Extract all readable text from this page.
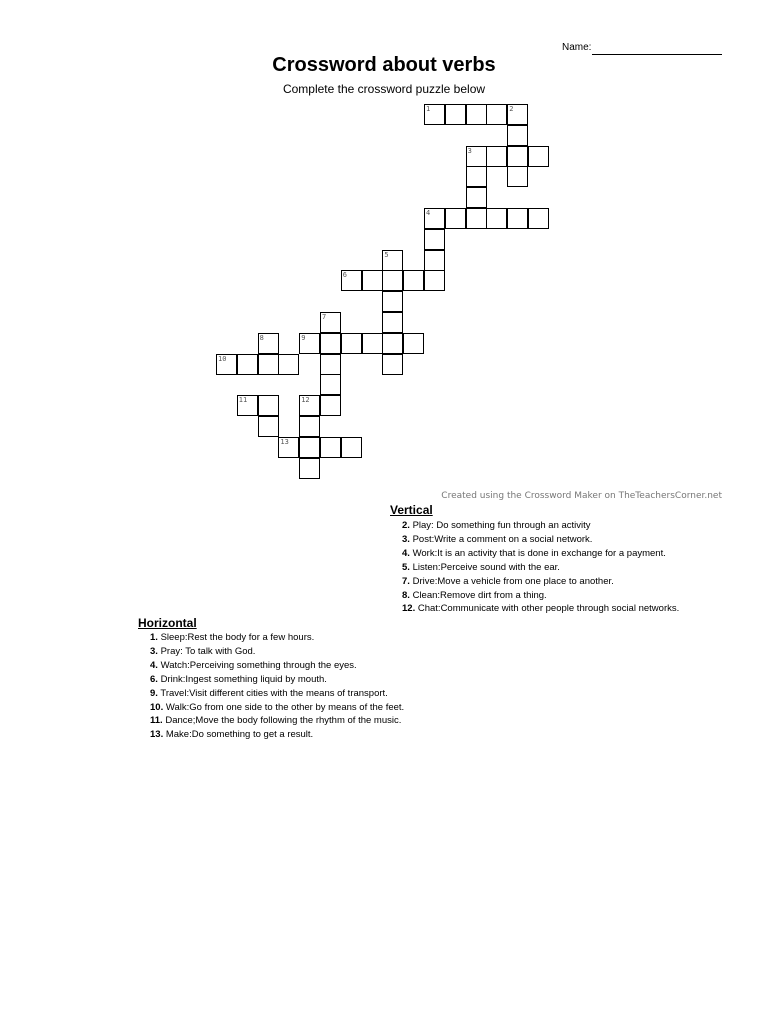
Name:
Crossword about verbs
Complete the crossword puzzle below
1	2
3
4
5
6
7
8	9
10
11	12
13
Created using the Crossword Maker on TheTeachersCorner.net
Vertical
2. Play: Do something fun through an activity
3. Post:Write a comment on a social network.
4. Work:It is an activity that is done in exchange for a payment.
5. Listen:Perceive sound with the ear.
7. Drive:Move a vehicle from one place to another.
8. Clean:Remove dirt from a thing.
12. Chat:Communicate with other people through social networks.
Horizontal
1. Sleep:Rest the body for a few hours.
3. Pray: To talk with God.
4. Watch:Perceiving something through the eyes.
6. Drink:Ingest something liquid by mouth.
9. Travel:Visit different cities with the means of transport.
10. Walk:Go from one side to the other by means of the feet.
11. Dance;Move the body following the rhythm of the music.
13. Make:Do something to get a result.
